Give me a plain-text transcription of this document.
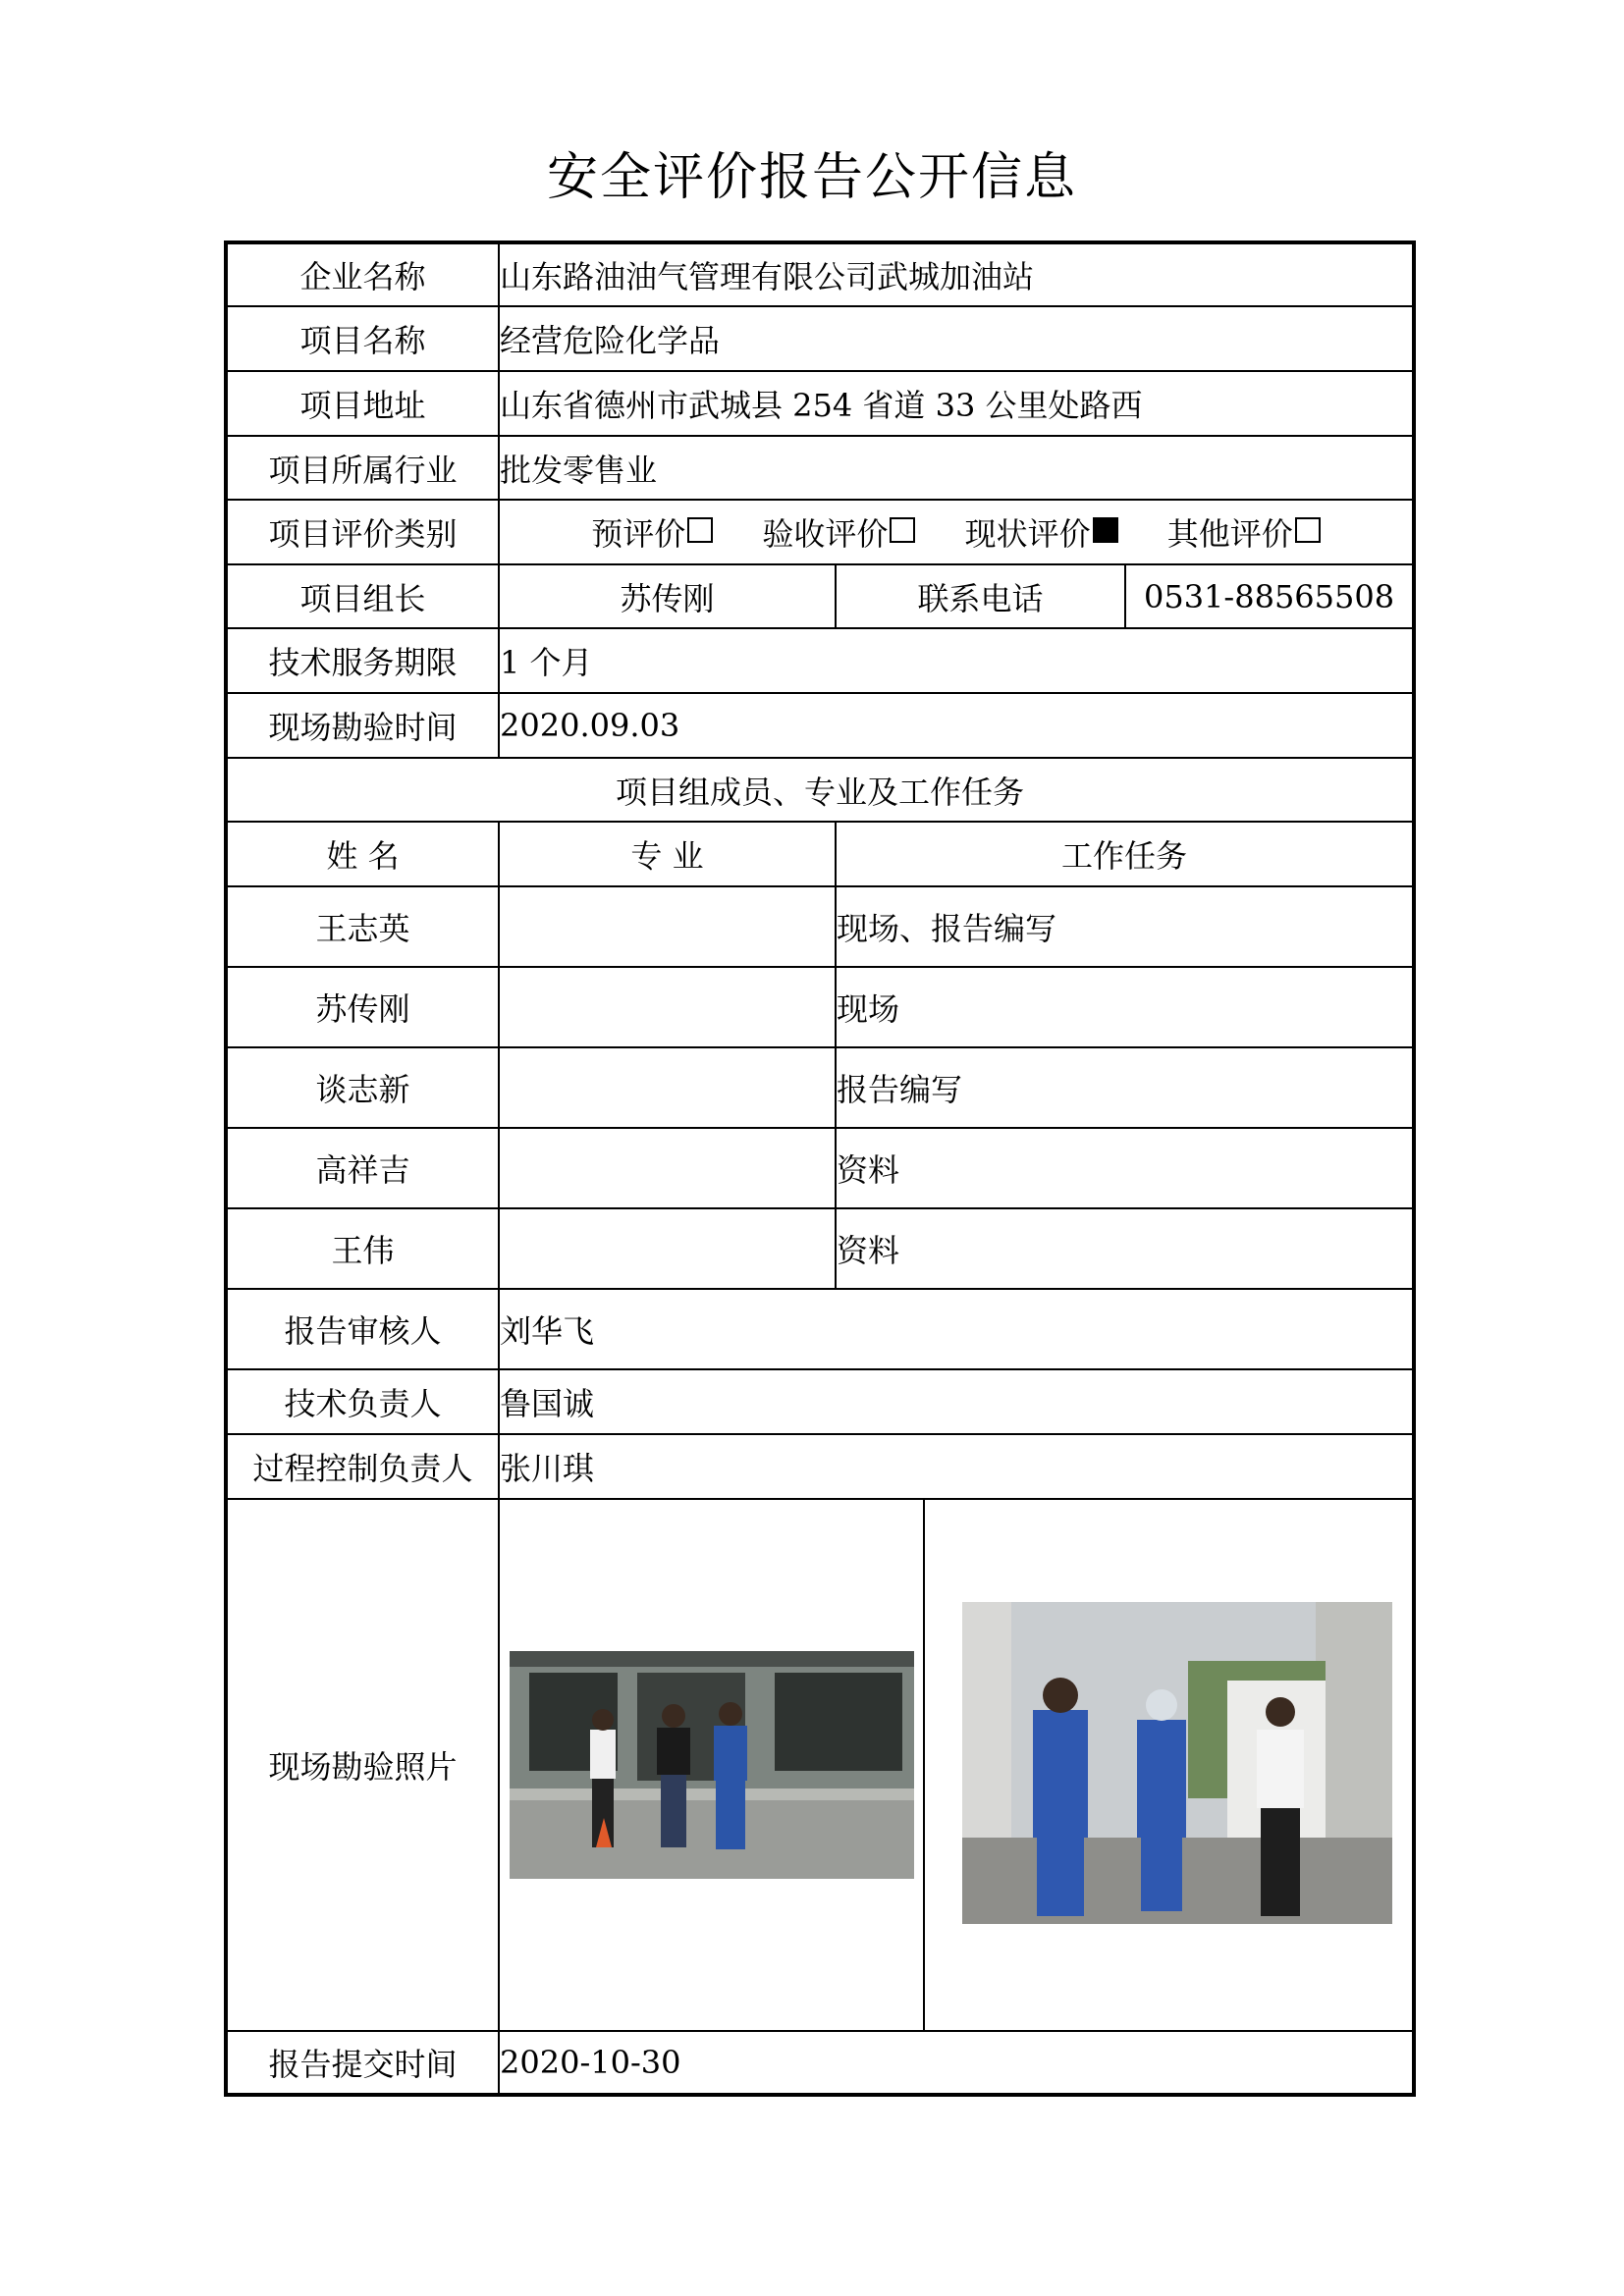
安全评价报告公开信息
企业名称	山东路油油气管理有限公司武城加油站			
项目名称	经营危险化学品			
项目地址	山东省德州市武城县 254 省道 33 公里处路西			
项目所属行业	批发零售业			
项目评价类别	预评价 验收评价 现状评价 其他评价			
项目组长	苏传刚	联系电话		0531-88565508
技术服务期限	1 个月			
现场勘验时间	2020.09.03			
项目组成员、专业及工作任务				
姓 名	专 业	工作任务		
王志英		现场、报告编写		
苏传刚		现场		
谈志新		报告编写		
高祥吉		资料		
王伟		资料		
报告审核人	刘华飞			
技术负责人	鲁国诚			
过程控制负责人	张川琪			
现场勘验照片	

报告提交时间	2020-10-30			
